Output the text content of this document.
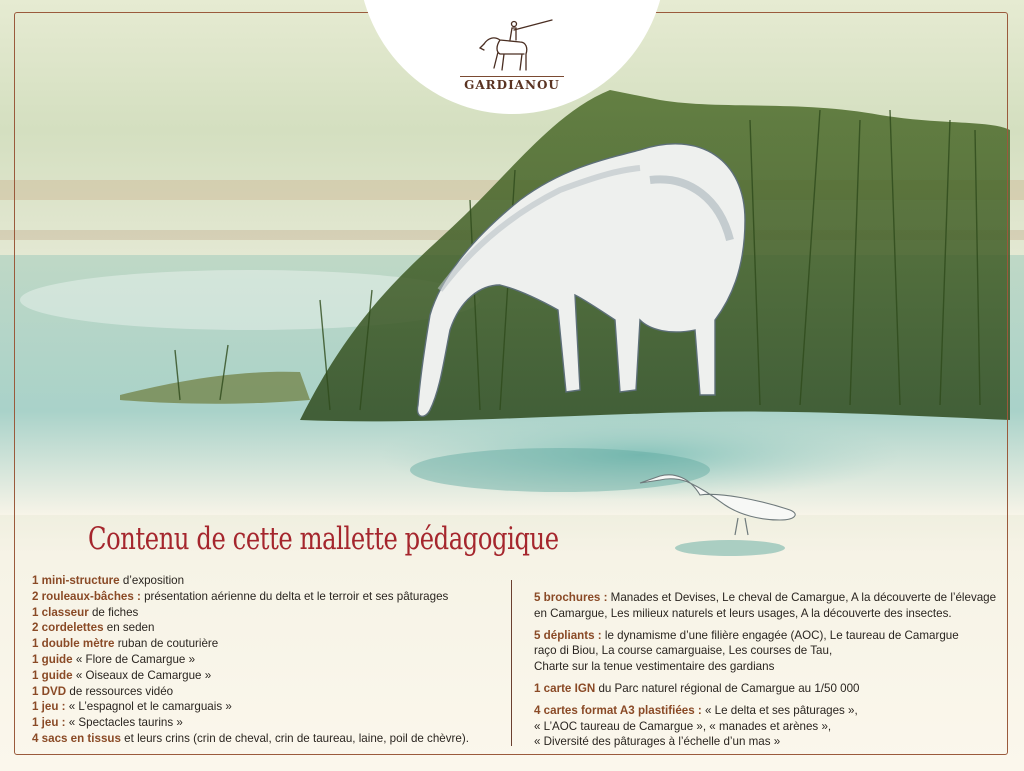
GARDIANOU
Contenu de cette mallette pédagogique
1 mini-structure d’exposition
2 rouleaux-bâches : présentation aérienne du delta et le terroir et ses pâturages
1 classeur de fiches
2 cordelettes en seden
1 double mètre ruban de couturière
1 guide « Flore de Camargue »
1 guide « Oiseaux de Camargue »
1 DVD de ressources vidéo
1 jeu : « L’espagnol et le camarguais »
1 jeu : « Spectacles taurins »
4 sacs en tissus et leurs crins (crin de cheval, crin de taureau, laine, poil de chèvre).
5 brochures : Manades et Devises, Le cheval de Camargue, A la découverte de l’élevage
en Camargue, Les milieux naturels et leurs usages, A la découverte des insectes.
5 dépliants : le dynamisme d’une filière engagée (AOC), Le taureau de Camargue
raço di Biou, La course camarguaise, Les courses de Tau,
Charte sur la tenue vestimentaire des gardians
1 carte IGN du Parc naturel régional de Camargue au 1/50 000
4 cartes format A3 plastifiées : « Le delta et ses pâturages »,
« L’AOC taureau de Camargue », « manades et arènes »,
« Diversité des pâturages à l’échelle d’un mas »
